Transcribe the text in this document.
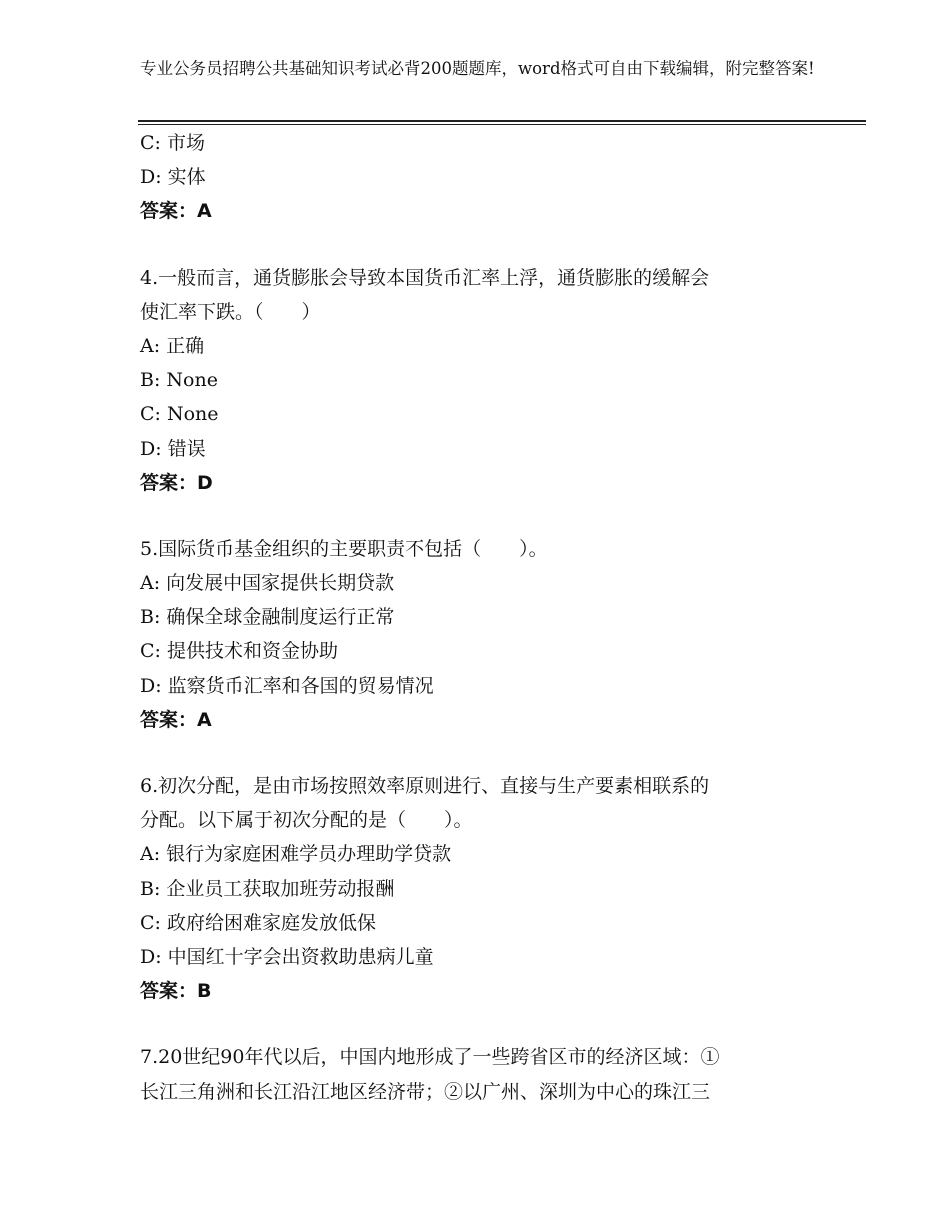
专业公务员招聘公共基础知识考试必背200题题库，word格式可自由下载编辑，附完整答案!
C: 市场
D: 实体
答案：A
4.一般而言，通货膨胀会导致本国货币汇率上浮，通货膨胀的缓解会
使汇率下跌。（　　）
A: 正确
B: None
C: None
D: 错误
答案：D
5.国际货币基金组织的主要职责不包括（　　）。
A: 向发展中国家提供长期贷款
B: 确保全球金融制度运行正常
C: 提供技术和资金协助
D: 监察货币汇率和各国的贸易情况
答案：A
6.初次分配，是由市场按照效率原则进行、直接与生产要素相联系的
分配。以下属于初次分配的是（　　）。
A: 银行为家庭困难学员办理助学贷款
B: 企业员工获取加班劳动报酬
C: 政府给困难家庭发放低保
D: 中国红十字会出资救助患病儿童
答案：B
7.20世纪90年代以后，中国内地形成了一些跨省区市的经济区域：①
长江三角洲和长江沿江地区经济带；②以广州、深圳为中心的珠江三
